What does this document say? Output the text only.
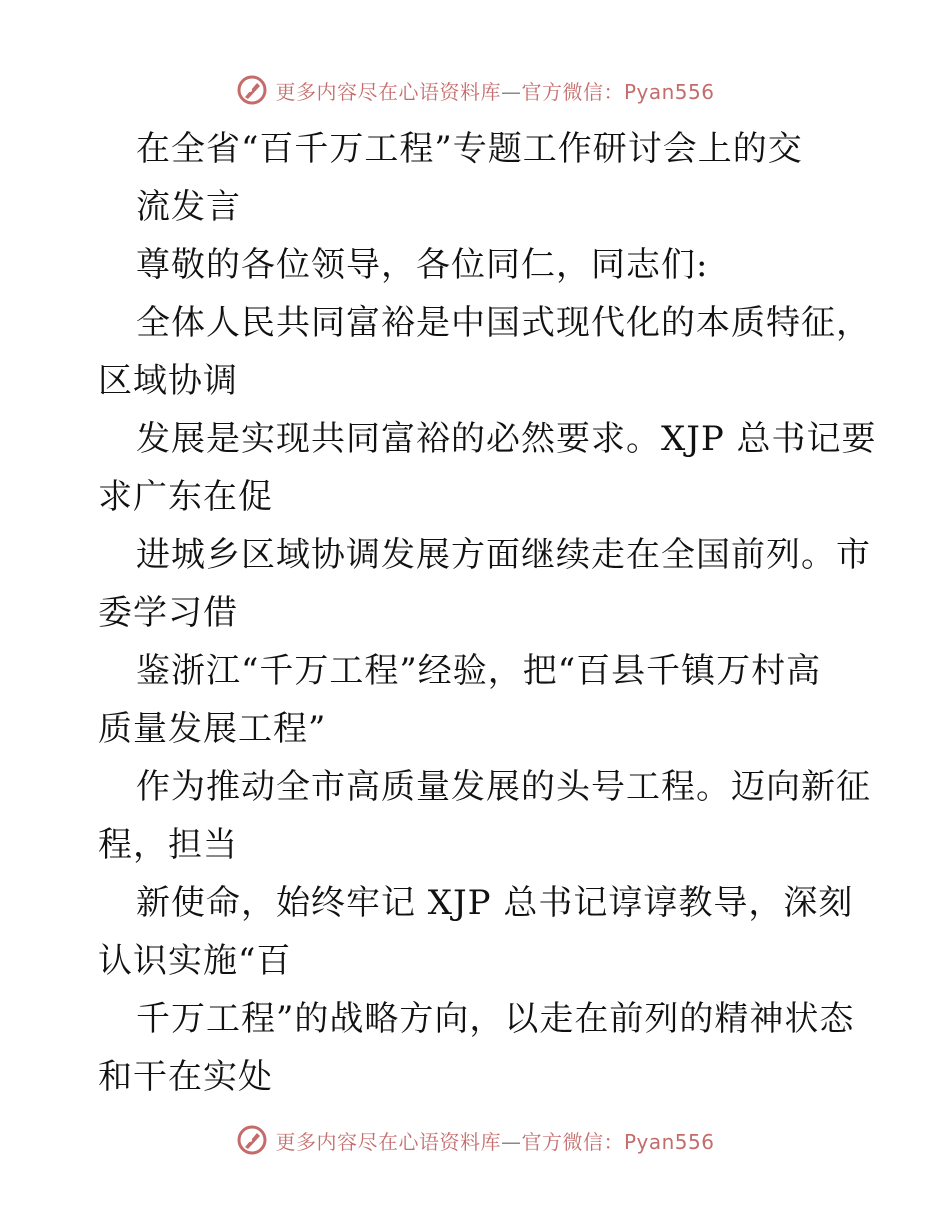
更多内容尽在心语资料库—官方微信：Pyan556
在全省“百千万工程”专题工作研讨会上的交
流发言
尊敬的各位领导，各位同仁，同志们:
全体人民共同富裕是中国式现代化的本质特征，
区域协调
发展是实现共同富裕的必然要求。XJP 总书记要
求广东在促
进城乡区域协调发展方面继续走在全国前列。市
委学习借
鉴浙江“千万工程”经验，把“百县千镇万村高
质量发展工程”
作为推动全市高质量发展的头号工程。迈向新征
程，担当
新使命，始终牢记 XJP 总书记谆谆教导，深刻
认识实施“百
千万工程”的战略方向，以走在前列的精神状态
和干在实处
更多内容尽在心语资料库—官方微信：Pyan556
